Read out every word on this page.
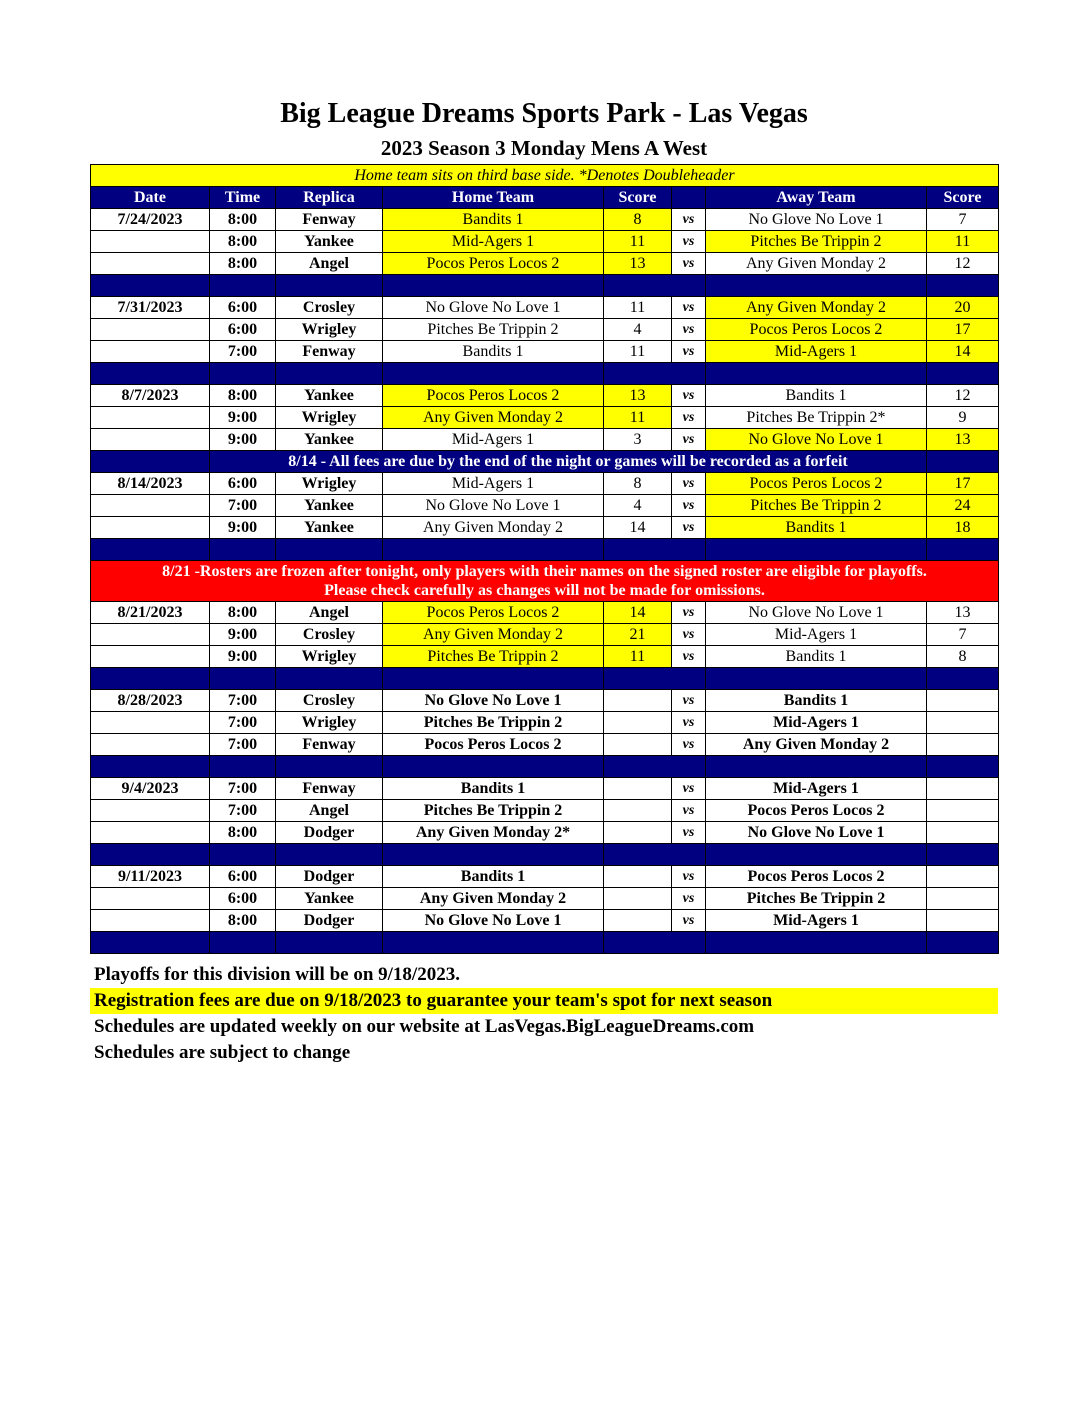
Big League Dreams Sports Park - Las Vegas
2023 Season 3 Monday Mens A West
Home team sits on third base side. *Denotes Doubleheader							
Date	Time	Replica	Home Team	Score		Away Team	Score
7/24/2023	8:00	Fenway	Bandits 1	8	vs	No Glove No Love 1	7
	8:00	Yankee	Mid-Agers 1	11	vs	Pitches Be Trippin 2	11
	8:00	Angel	Pocos Peros Locos 2	13	vs	Any Given Monday 2	12

7/31/2023	6:00	Crosley	No Glove No Love 1	11	vs	Any Given Monday 2	20
	6:00	Wrigley	Pitches Be Trippin 2	4	vs	Pocos Peros Locos 2	17
	7:00	Fenway	Bandits 1	11	vs	Mid-Agers 1	14

8/7/2023	8:00	Yankee	Pocos Peros Locos 2	13	vs	Bandits 1	12
	9:00	Wrigley	Any Given Monday 2	11	vs	Pitches Be Trippin 2*	9
	9:00	Yankee	Mid-Agers 1	3	vs	No Glove No Love 1	13
	8/14 - All fees are due by the end of the night or games will be recorded as a forfeit						
8/14/2023	6:00	Wrigley	Mid-Agers 1	8	vs	Pocos Peros Locos 2	17
	7:00	Yankee	No Glove No Love 1	4	vs	Pitches Be Trippin 2	24
	9:00	Yankee	Any Given Monday 2	14	vs	Bandits 1	18

8/21 -Rosters are frozen after tonight, only players with their names on the signed roster are eligible for playoffs.
Please check carefully as changes will not be made for omissions.							

8/21/2023	8:00	Angel	Pocos Peros Locos 2	14	vs	No Glove No Love 1	13
	9:00	Crosley	Any Given Monday 2	21	vs	Mid-Agers 1	7
	9:00	Wrigley	Pitches Be Trippin 2	11	vs	Bandits 1	8

8/28/2023	7:00	Crosley	No Glove No Love 1		vs	Bandits 1	
	7:00	Wrigley	Pitches Be Trippin 2		vs	Mid-Agers 1	
	7:00	Fenway	Pocos Peros Locos 2		vs	Any Given Monday 2	

9/4/2023	7:00	Fenway	Bandits 1		vs	Mid-Agers 1	
	7:00	Angel	Pitches Be Trippin 2		vs	Pocos Peros Locos 2	
	8:00	Dodger	Any Given Monday 2*		vs	No Glove No Love 1	

9/11/2023	6:00	Dodger	Bandits 1		vs	Pocos Peros Locos 2	
	6:00	Yankee	Any Given Monday 2		vs	Pitches Be Trippin 2	
	8:00	Dodger	No Glove No Love 1		vs	Mid-Agers 1	

Playoffs for this division will be on 9/18/2023.
Registration fees are due on 9/18/2023 to guarantee your team's spot for next season
Schedules are updated weekly on our website at LasVegas.BigLeagueDreams.com
Schedules are subject to change
